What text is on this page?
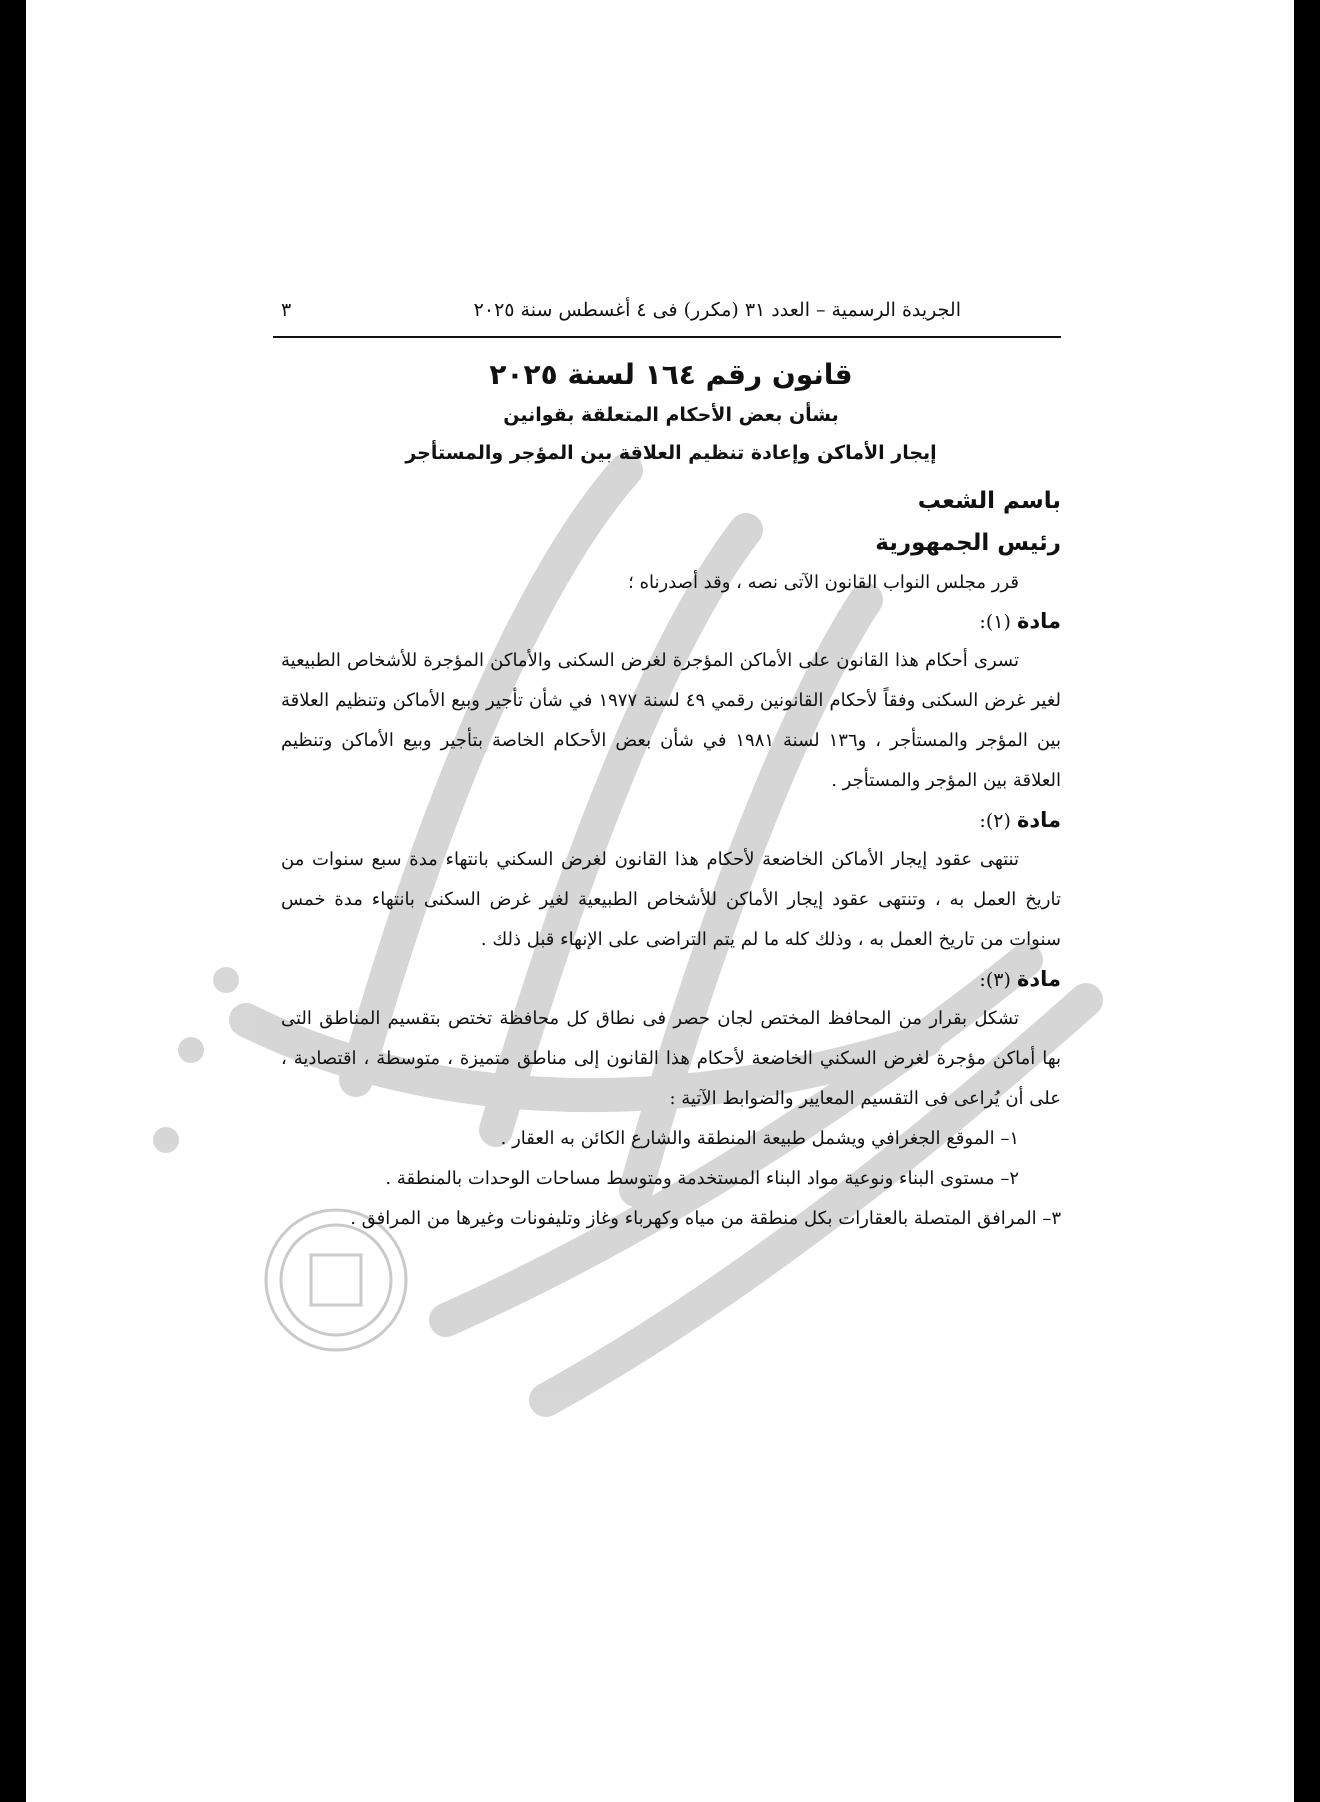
الجريدة الرسمية – العدد ٣١ (مكرر) فى ٤ أغسطس سنة ٢٠٢٥
٣
قانون رقم ١٦٤ لسنة ٢٠٢٥
بشأن بعض الأحكام المتعلقة بقوانين
إيجار الأماكن وإعادة تنظيم العلاقة بين المؤجر والمستأجر
باسم الشعب
رئيس الجمهورية
قرر مجلس النواب القانون الآتى نصه ، وقد أصدرناه ؛
مادة (١):
تسرى أحكام هذا القانون على الأماكن المؤجرة لغرض السكنى والأماكن المؤجرة للأشخاص الطبيعية لغير غرض السكنى وفقاً لأحكام القانونين رقمي ٤٩ لسنة ١٩٧٧ في شأن تأجير وبيع الأماكن وتنظيم العلاقة بين المؤجر والمستأجر ، و١٣٦ لسنة ١٩٨١ في شأن بعض الأحكام الخاصة بتأجير وبيع الأماكن وتنظيم العلاقة بين المؤجر والمستأجر .
مادة (٢):
تنتهى عقود إيجار الأماكن الخاضعة لأحكام هذا القانون لغرض السكني بانتهاء مدة سبع سنوات من تاريخ العمل به ، وتنتهى عقود إيجار الأماكن للأشخاص الطبيعية لغير غرض السكنى بانتهاء مدة خمس سنوات من تاريخ العمل به ، وذلك كله ما لم يتم التراضى على الإنهاء قبل ذلك .
مادة (٣):
تشكل بقرار من المحافظ المختص لجان حصر فى نطاق كل محافظة تختص بتقسيم المناطق التى بها أماكن مؤجرة لغرض السكني الخاضعة لأحكام هذا القانون إلى مناطق متميزة ، متوسطة ، اقتصادية ، على أن يُراعى فى التقسيم المعايير والضوابط الآتية :
١– الموقع الجغرافي ويشمل طبيعة المنطقة والشارع الكائن به العقار .
٢– مستوى البناء ونوعية مواد البناء المستخدمة ومتوسط مساحات الوحدات بالمنطقة .
٣– المرافق المتصلة بالعقارات بكل منطقة من مياه وكهرباء وغاز وتليفونات وغيرها من المرافق .
